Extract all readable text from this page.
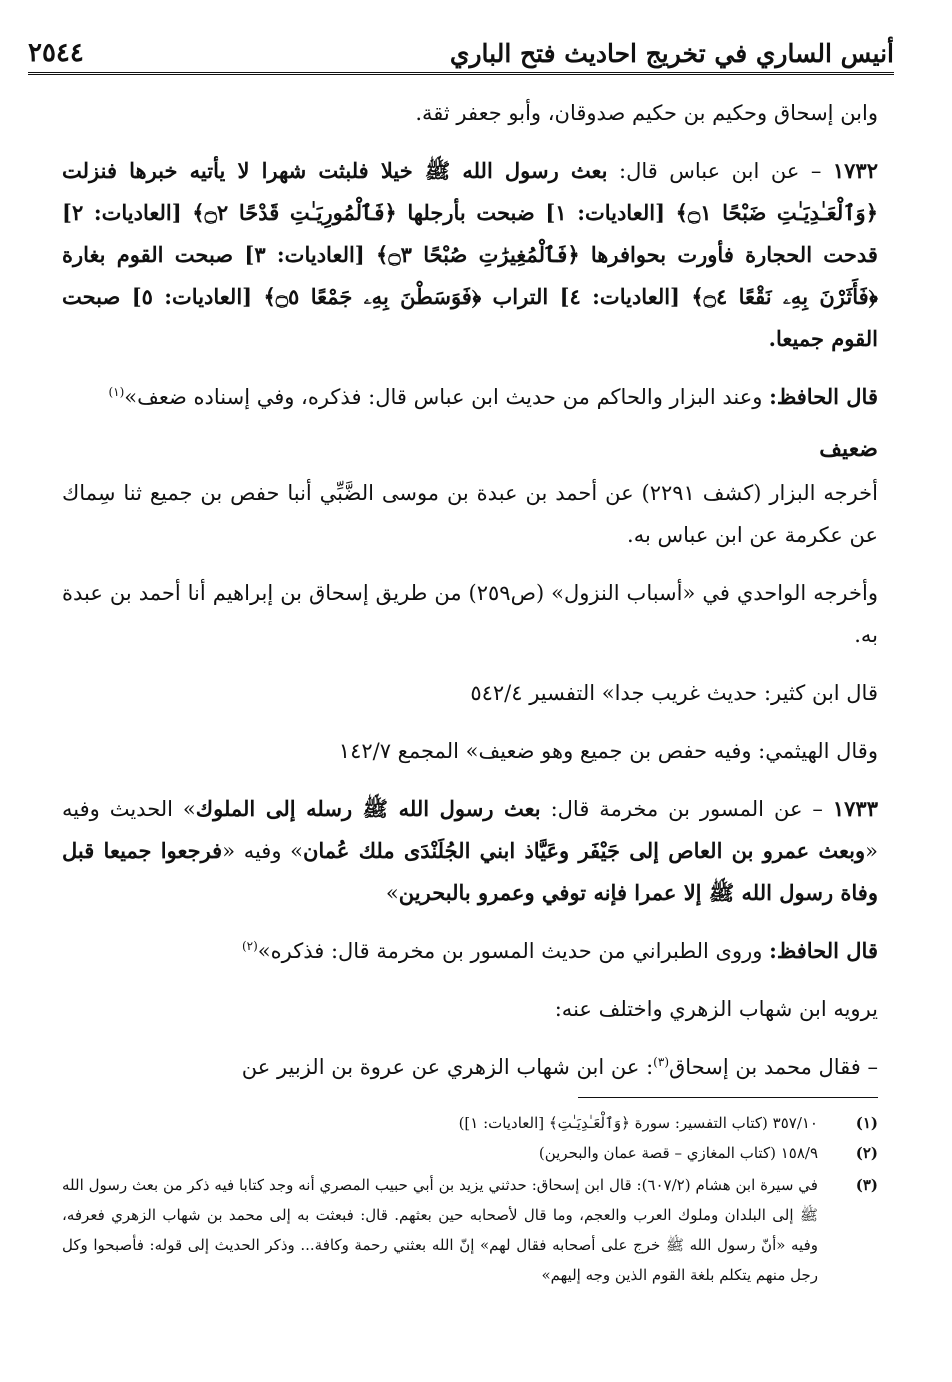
أنيس الساري في تخريج احاديث فتح الباري
٢٥٤٤

وابن إسحاق وحكيم بن حكيم صدوقان، وأبو جعفر ثقة.

١٧٣٢ – عن ابن عباس قال: بعث رسول الله ﷺ خيلا فلبثت شهرا لا يأتيه خبرها فنزلت ﴿وَٱلْعَـٰدِيَـٰتِ ضَبْحًا ۝١﴾ [العاديات: ١] ضبحت بأرجلها ﴿فَٱلْمُورِيَـٰتِ قَدْحًا ۝٢﴾ [العاديات: ٢] قدحت الحجارة فأورت بحوافرها ﴿فَٱلْمُغِيرَٰتِ صُبْحًا ۝٣﴾ [العاديات: ٣] صبحت القوم بغارة ﴿فَأَثَرْنَ بِهِۦ نَقْعًا ۝٤﴾ [العاديات: ٤] التراب ﴿فَوَسَطْنَ بِهِۦ جَمْعًا ۝٥﴾ [العاديات: ٥] صبحت القوم جميعا.

قال الحافظ: وعند البزار والحاكم من حديث ابن عباس قال: فذكره، وفي إسناده ضعف»$^{(١)}$

ضعيف

أخرجه البزار (كشف ٢٢٩١) عن أحمد بن عبدة بن موسى الضَّبِّي أنبا حفص بن جميع ثنا سِماك عن عكرمة عن ابن عباس به.

وأخرجه الواحدي في «أسباب النزول» (ص٢٥٩) من طريق إسحاق بن إبراهيم أنا أحمد بن عبدة به.

قال ابن كثير: حديث غريب جدا» التفسير ٥٤٢/٤

وقال الهيثمي: وفيه حفص بن جميع وهو ضعيف» المجمع ١٤٢/٧

١٧٣٣ – عن المسور بن مخرمة قال: بعث رسول الله ﷺ رسله إلى الملوك» الحديث وفيه «وبعث عمرو بن العاص إلى جَيْفَر وعَيَّاذ ابني الجُلَنْدَى ملك عُمان» وفيه «فرجعوا جميعا قبل وفاة رسول الله ﷺ إلا عمرا فإنه توفي وعمرو بالبحرين»

قال الحافظ: وروى الطبراني من حديث المسور بن مخرمة قال: فذكره»$^{(٢)}$

يرويه ابن شهاب الزهري واختلف عنه:

– فقال محمد بن إسحاق$^{(٣)}$: عن ابن شهاب الزهري عن عروة بن الزبير عن

(١)
٣٥٧/١٠ (كتاب التفسير: سورة ﴿وَٱلْعَـٰدِيَـٰتِ﴾ [العاديات: ١])
(٢)
١٥٨/٩ (كتاب المغازي – قصة عمان والبحرين)
(٣)
في سيرة ابن هشام (٦٠٧/٢): قال ابن إسحاق: حدثني يزيد بن أبي حبيب المصري أنه وجد كتابا فيه ذكر من بعث رسول الله ﷺ إلى البلدان وملوك العرب والعجم، وما قال لأصحابه حين بعثهم. قال: فبعثت به إلى محمد بن شهاب الزهري فعرفه، وفيه «أنّ رسول الله ﷺ خرج على أصحابه فقال لهم» إنّ الله بعثني رحمة وكافة... وذكر الحديث إلى قوله: فأصبحوا وكل رجل منهم يتكلم بلغة القوم الذين وجه إليهم»
